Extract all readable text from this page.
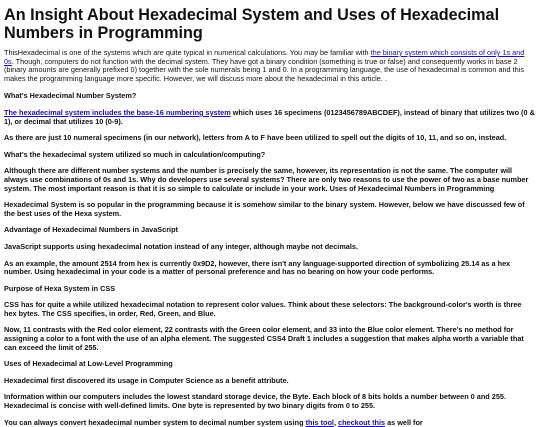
An Insight About Hexadecimal System and Uses of Hexadecimal Numbers in Programming

ThisHexadecimal is one of the systems which are quite typical in numerical calculations. You may be familiar with the binary system which consists of only 1s and 0s. Though, computers do not function with the decimal system. They have got a binary condition (something is true or false) and consequently works in base 2 (binary amounts are generally prefixed 0) together with the sole numerals being 1 and 0. In a programming language, the use of hexadecimal is common and this makes the programming language more specific. However, we will discuss more about the hexadecimal in this article. .

What's Hexadecimal Number System?

The hexadecimal system includes the base-16 numbering system which uses 16 specimens (0123456789ABCDEF), instead of binary that utilizes two (0 & 1), or decimal that utilizes 10 (0-9).

As there are just 10 numeral specimens (in our network), letters from A to F have been utilized to spell out the digits of 10, 11, and so on, instead.

What's the hexadecimal system utilized so much in calculation/computing?

Although there are different number systems and the number is precisely the same, however, its representation is not the same. The computer will always use combinations of 0s and 1s. Why do developers use several systems? There are only two reasons to use the power of two as a base number system. The most important reason is that it is so simple to calculate or include in your work. Uses of Hexadecimal Numbers in Programming

Hexadecimal System is so popular in the programming because it is somehow similar to the binary system. However, below we have discussed few of the best uses of the Hexa system.

Advantage of Hexadecimal Numbers in JavaScript

JavaScript supports using hexadecimal notation instead of any integer, although maybe not decimals.

As an example, the amount 2514 from hex is currently 0x9D2, however, there isn't any language-supported direction of symbolizing 25.14 as a hex number. Using hexadecimal in your code is a matter of personal preference and has no bearing on how your code performs.

Purpose of Hexa System in CSS

CSS has for quite a while utilized hexadecimal notation to represent color values. Think about these selectors: The background-color's worth is three hex bytes. The CSS specifies, in order, Red, Green, and Blue.

Now, 11 contrasts with the Red color element, 22 contrasts with the Green color element, and 33 into the Blue color element. There's no method for assigning a color to a font with the use of an alpha element. The suggested CSS4 Draft 1 includes a suggestion that makes alpha worth a variable that can exceed the limit of 255.

Uses of Hexadecimal at Low-Level Programming

Hexadecimal first discovered its usage in Computer Science as a benefit attribute.

Information within our computers includes the lowest standard storage device, the Byte. Each block of 8 bits holds a number between 0 and 255. Hexadecimal is concise with well-defined limits. One byte is represented by two binary digits from 0 to 255.

You can always convert hexadecimal number system to decimal number system using this tool, checkout this as well for
